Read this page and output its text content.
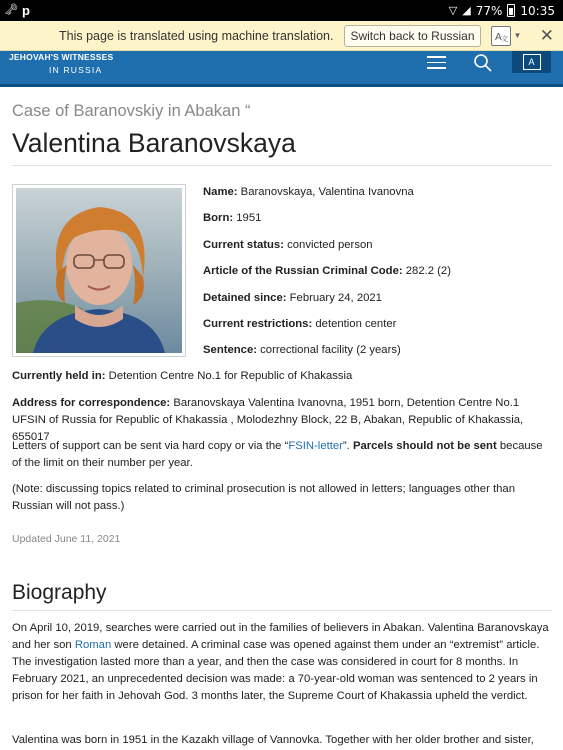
🗝 p	▽ ◢ 77% 10:35
This page is translated using machine translation.	Switch back to Russian	A 文 ▼ ✕
JEHOVAH'S WITNESSES
IN RUSSIA
A
Case of Baranovskiy in Abakan “
Valentina Baranovskaya
Name: Baranovskaya, Valentina Ivanovna
Born: 1951
Current status: convicted person
Article of the Russian Criminal Code: 282.2 (2)
Detained since: February 24, 2021
Current restrictions: detention center
Sentence: correctional facility (2 years)
Currently held in: Detention Centre No.1 for Republic of Khakassia
Address for correspondence: Baranovskaya Valentina Ivanovna, 1951 born, Detention Centre No.1 UFSIN of Russia for Republic of Khakassia , Molodezhny Block, 22 B, Abakan, Republic of Khakassia, 655017
Letters of support can be sent via hard copy or via the “FSIN-letter”. Parcels should not be sent because of the limit on their number per year.
(Note: discussing topics related to criminal prosecution is not allowed in letters; languages other than Russian will not pass.)
Updated June 11, 2021
Biography
On April 10, 2019, searches were carried out in the families of believers in Abakan. Valentina Baranovskaya and her son Roman were detained. A criminal case was opened against them under an “extremist” article. The investigation lasted more than a year, and then the case was considered in court for 8 months. In February 2021, an unprecedented decision was made: a 70-year-old woman was sentenced to 2 years in prison for her faith in Jehovah God. 3 months later, the Supreme Court of Khakassia upheld the verdict.
Valentina was born in 1951 in the Kazakh village of Vannovka. Together with her older brother and sister,
